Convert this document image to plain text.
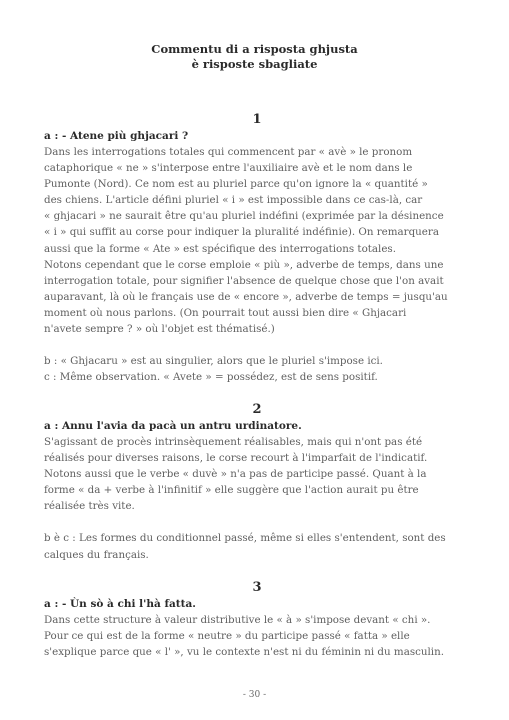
Commentu di a risposta ghjusta
è risposte sbagliate
1
a : - Atene più ghjacari ?
Dans les interrogations totales qui commencent par « avè » le pronom
cataphorique « ne » s'interpose entre l'auxiliaire avè et le nom dans le
Pumonte (Nord). Ce nom est au pluriel parce qu'on ignore la « quantité »
des chiens. L'article défini pluriel « i » est impossible dans ce cas-là, car
« ghjacari » ne saurait être qu'au pluriel indéfini (exprimée par la désinence
« i » qui suffit au corse pour indiquer la pluralité indéfinie). On remarquera
aussi que la forme « Ate » est spécifique des interrogations totales.
Notons cependant que le corse emploie « più », adverbe de temps, dans une
interrogation totale, pour signifier l'absence de quelque chose que l'on avait
auparavant, là où le français use de « encore », adverbe de temps = jusqu'au
moment où nous parlons. (On pourrait tout aussi bien dire « Ghjacari
n'avete sempre ? » où l'objet est thématisé.)
b : « Ghjacaru » est au singulier, alors que le pluriel s'impose ici.
c : Même observation. « Avete » = possédez, est de sens positif.
2
a : Annu l'avia da pacà un antru urdinatore.
S'agissant de procès intrinsèquement réalisables, mais qui n'ont pas été
réalisés pour diverses raisons, le corse recourt à l'imparfait de l'indicatif.
Notons aussi que le verbe « duvè » n'a pas de participe passé. Quant à la
forme « da + verbe à l'infinitif » elle suggère que l'action aurait pu être
réalisée très vite.
b è c : Les formes du conditionnel passé, même si elles s'entendent, sont des
calques du français.
3
a : - Ùn sò à chi l'hà fatta.
Dans cette structure à valeur distributive le « à » s'impose devant « chi ».
Pour ce qui est de la forme « neutre » du participe passé « fatta » elle
s'explique parce que « l' », vu le contexte n'est ni du féminin ni du masculin.
- 30 -
